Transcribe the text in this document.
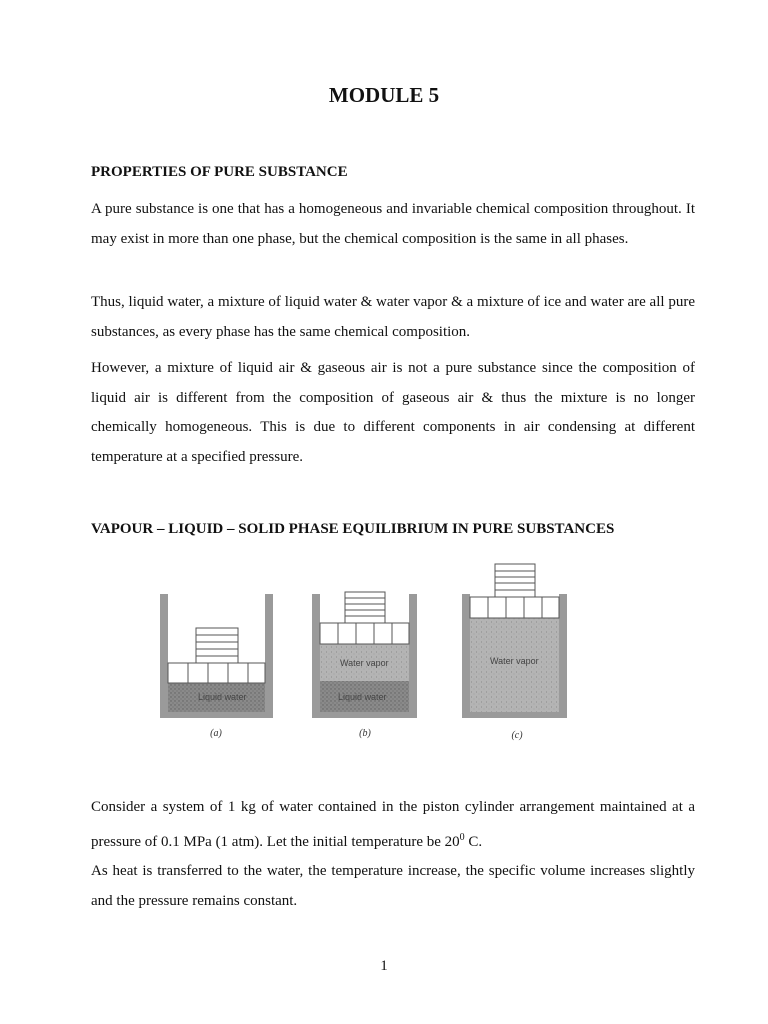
MODULE 5
PROPERTIES OF PURE SUBSTANCE

A pure substance is one that has a homogeneous and invariable chemical composition throughout. It may exist in more than one phase, but the chemical composition is the same in all phases.

Thus, liquid water, a mixture of liquid water & water vapor & a mixture of ice and water are all pure substances, as every phase has the same chemical composition.

However, a mixture of liquid air & gaseous air is not a pure substance since the composition of liquid air is different from the composition of gaseous air & thus the mixture is no longer chemically homogeneous. This is due to different components in air condensing at different temperature at a specified pressure.

VAPOUR – LIQUID – SOLID PHASE EQUILIBRIUM IN PURE SUBSTANCES
Liquid water
(a)
Water vapor
Liquid water
(b)
Water vapor
(c)

Consider a system of 1 kg of water contained in the piston cylinder arrangement maintained at a pressure of 0.1 MPa (1 atm). Let the initial temperature be $20^0$ C.

As heat is transferred to the water, the temperature increase, the specific volume increases slightly and the pressure remains constant.

1
